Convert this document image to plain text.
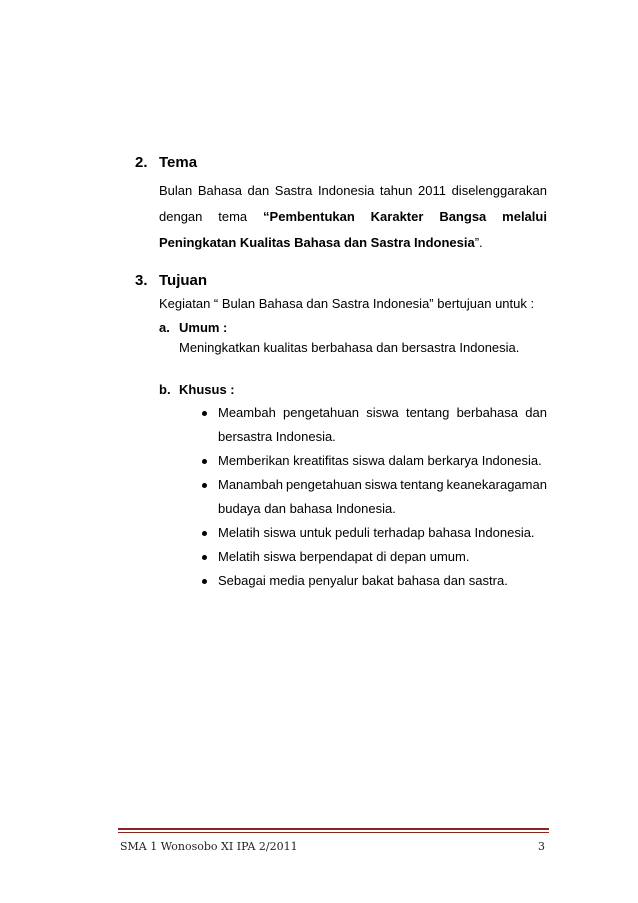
2. Tema
Bulan Bahasa dan Sastra Indonesia tahun 2011 diselenggarakan
dengan tema “Pembentukan Karakter Bangsa melalui
Peningkatan Kualitas Bahasa dan Sastra Indonesia”.
3. Tujuan
Kegiatan “ Bulan Bahasa dan Sastra Indonesia” bertujuan untuk :
a. Umum :
Meningkatkan kualitas berbahasa dan bersastra Indonesia.
b. Khusus :
Meambah pengetahuan siswa tentang berbahasa dan
bersastra Indonesia.
Memberikan kreatifitas siswa dalam berkarya Indonesia.
Manambah pengetahuan siswa tentang keanekaragaman
budaya dan bahasa Indonesia.
Melatih siswa untuk peduli terhadap bahasa Indonesia.
Melatih siswa berpendapat di depan umum.
Sebagai media penyalur bakat bahasa dan sastra.
SMA 1 Wonosobo XI IPA 2/2011	3
